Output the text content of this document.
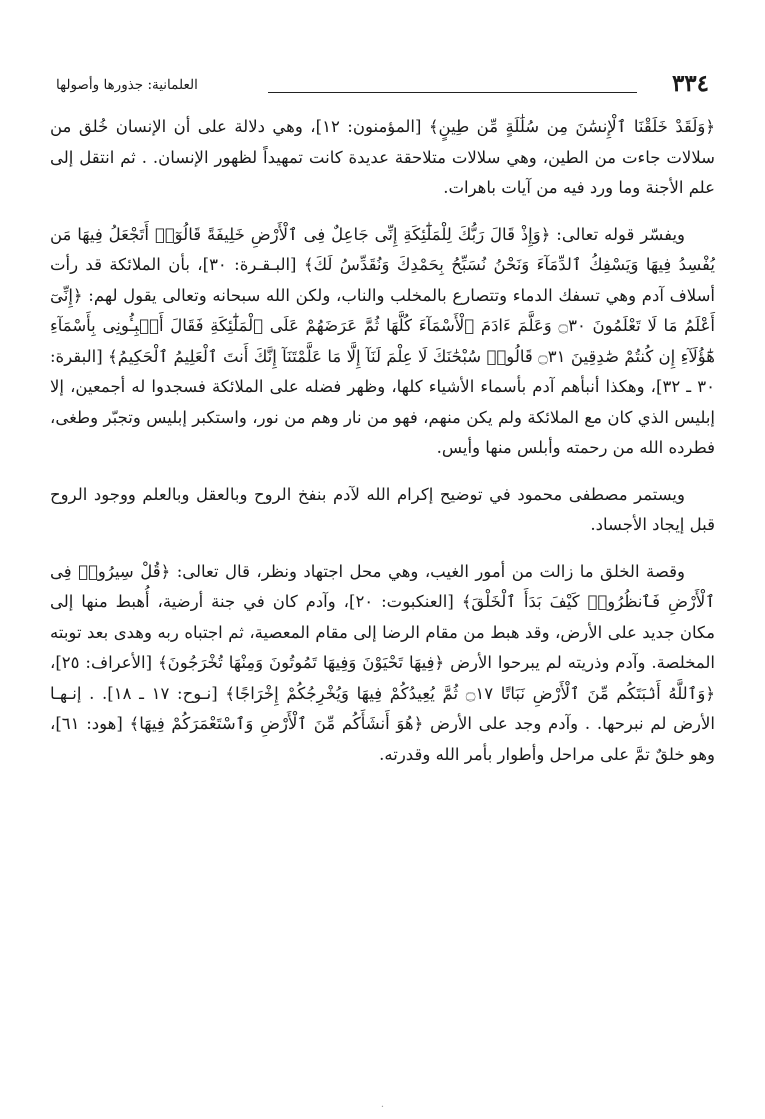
٣٣٤
العلمانية: جذورها وأصولها

﴿وَلَقَدْ خَلَقْنَا ٱلْإِنسَٰنَ مِن سُلَٰلَةٍ مِّن طِينٍ﴾ [المؤمنون: ١٢]، وهي دلالة على أن الإنسان خُلق من سلالات جاءت من الطين، وهي سلالات متلاحقة عديدة كانت تمهيداً لظهور الإنسان. . ثم انتقل إلى علم الأجنة وما ورد فيه من آيات باهرات.

ويفسّر قوله تعالى: ﴿وَإِذْ قَالَ رَبُّكَ لِلْمَلَٰٓئِكَةِ إِنِّى جَاعِلٌ فِى ٱلْأَرْضِ خَلِيفَةً قَالُوٓا۟ أَتَجْعَلُ فِيهَا مَن يُفْسِدُ فِيهَا وَيَسْفِكُ ٱلدِّمَآءَ وَنَحْنُ نُسَبِّحُ بِحَمْدِكَ وَنُقَدِّسُ لَكَ﴾ [البـقـرة: ٣٠]، بأن الملائكة قد رأت أسلاف آدم وهي تسفك الدماء وتتصارع بالمخلب والناب، ولكن الله سبحانه وتعالى يقول لهم: ﴿إِنِّىٓ أَعْلَمُ مَا لَا تَعْلَمُونَ ۝٣٠ وَعَلَّمَ ءَادَمَ ٱلْأَسْمَآءَ كُلَّهَا ثُمَّ عَرَضَهُمْ عَلَى ٱلْمَلَٰٓئِكَةِ فَقَالَ أَنۢبِـُٔونِى بِأَسْمَآءِ هَٰٓؤُلَآءِ إِن كُنتُمْ صَٰدِقِينَ ۝٣١ قَالُوا۟ سُبْحَٰنَكَ لَا عِلْمَ لَنَآ إِلَّا مَا عَلَّمْتَنَآ إِنَّكَ أَنتَ ٱلْعَلِيمُ ٱلْحَكِيمُ﴾ [البقرة: ٣٠ ـ ٣٢]، وهكذا أنبأهم آدم بأسماء الأشياء كلها، وظهر فضله على الملائكة فسجدوا له أجمعين، إلا إبليس الذي كان مع الملائكة ولم يكن منهم، فهو من نار وهم من نور، واستكبر إبليس وتجبّر وطغى، فطرده الله من رحمته وأبلس منها وأيس.

ويستمر مصطفى محمود في توضيح إكرام الله لآدم بنفخ الروح وبالعقل وبالعلم ووجود الروح قبل إيجاد الأجساد.

وقصة الخلق ما زالت من أمور الغيب، وهي محل اجتهاد ونظر، قال تعالى: ﴿قُلْ سِيرُوا۟ فِى ٱلْأَرْضِ فَٱنظُرُوا۟ كَيْفَ بَدَأَ ٱلْخَلْقَ﴾ [العنكبوت: ٢٠]، وآدم كان في جنة أرضية، أُهبط منها إلى مكان جديد على الأرض، وقد هبط من مقام الرضا إلى مقام المعصية، ثم اجتباه ربه وهدى بعد توبته المخلصة. وآدم وذريته لم يبرحوا الأرض ﴿فِيهَا تَحْيَوْنَ وَفِيهَا تَمُوتُونَ وَمِنْهَا تُخْرَجُونَ﴾ [الأعراف: ٢٥]، ﴿وَٱللَّهُ أَنۢبَتَكُم مِّنَ ٱلْأَرْضِ نَبَاتًا ۝١٧ ثُمَّ يُعِيدُكُمْ فِيهَا وَيُخْرِجُكُمْ إِخْرَاجًا﴾ [نـوح: ١٧ ـ ١٨]. . إنـهـا الأرض لم نبرحها. . وآدم وجد على الأرض ﴿هُوَ أَنشَأَكُم مِّنَ ٱلْأَرْضِ وَٱسْتَعْمَرَكُمْ فِيهَا﴾ [هود: ٦١]، وهو خلقٌ تمَّ على مراحل وأطوار بأمر الله وقدرته.

·
